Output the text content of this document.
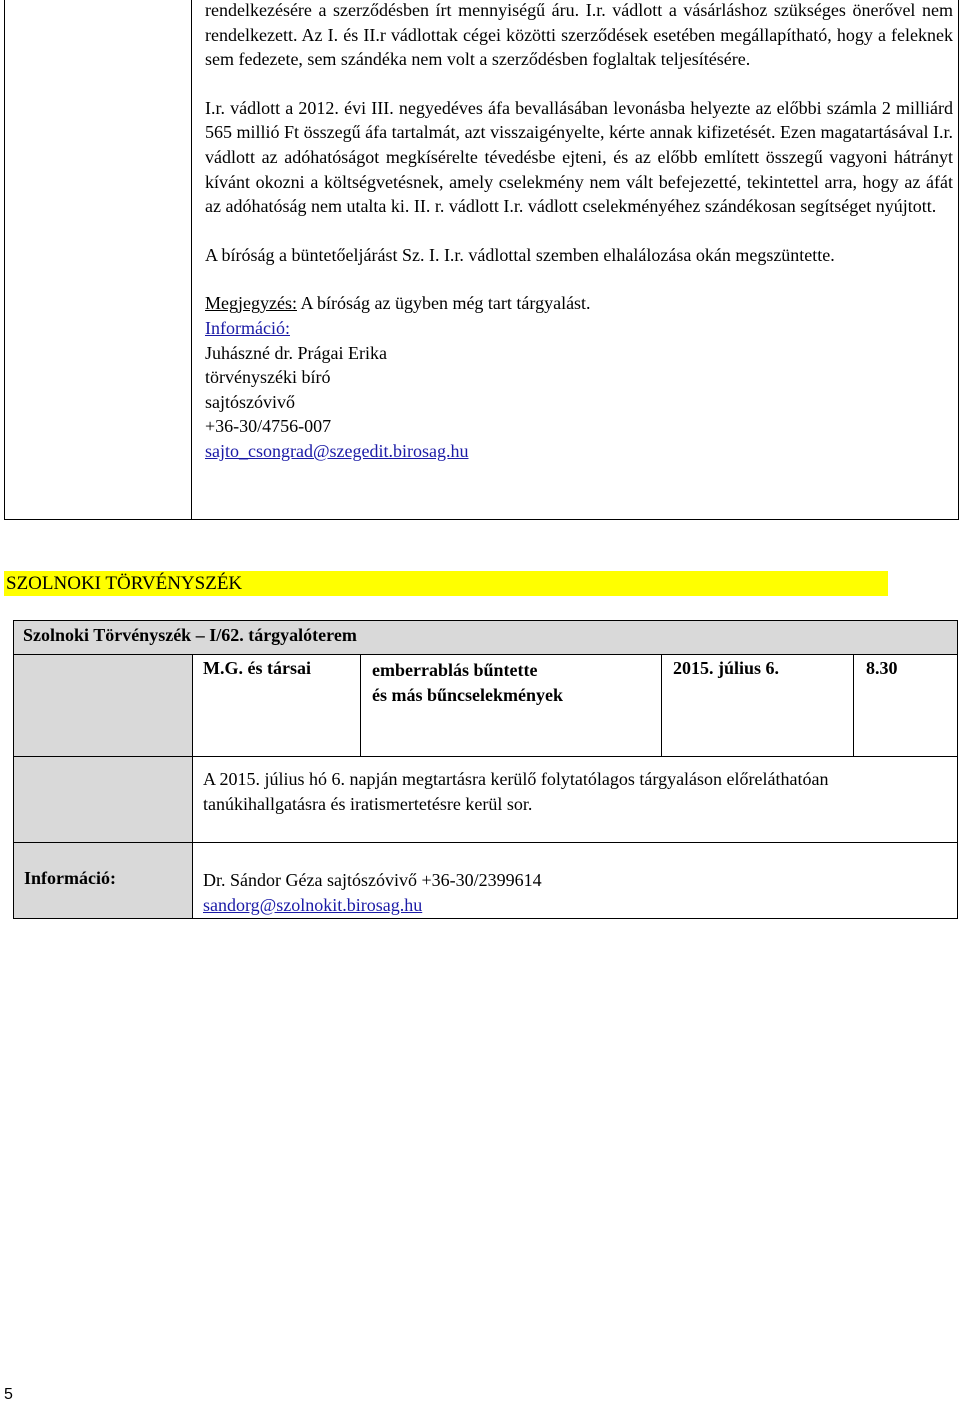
rendelkezésére a szerződésben írt mennyiségű áru. I.r. vádlott a vásárláshoz szükséges önerővel nem rendelkezett. Az I. és II.r vádlottak cégei közötti szerződések esetében megállapítható, hogy a feleknek sem fedezete, sem szándéka nem volt a szerződésben foglaltak teljesítésére.

I.r. vádlott a 2012. évi III. negyedéves áfa bevallásában levonásba helyezte az előbbi számla 2 milliárd 565 millió Ft összegű áfa tartalmát, azt visszaigényelte, kérte annak kifizetését. Ezen magatartásával I.r. vádlott az adóhatóságot megkísérelte tévedésbe ejteni, és az előbb említett összegű vagyoni hátrányt kívánt okozni a költségvetésnek, amely cselekmény nem vált befejezetté, tekintettel arra, hogy az áfát az adóhatóság nem utalta ki. II. r. vádlott I.r. vádlott cselekményéhez szándékosan segítséget nyújtott.

A bíróság a büntetőeljárást Sz. I. I.r. vádlottal szemben elhalálozása okán megszüntette.

Megjegyzés: A bíróság az ügyben még tart tárgyalást.

Információ:

Juhászné dr. Prágai Erika

törvényszéki bíró

sajtószóvivő

+36-30/4756-007

sajto_csongrad@szegedit.birosag.hu

SZOLNOKI TÖRVÉNYSZÉK
Szolnoki Törvényszék – I/62. tárgyalóterem
Információ:
M.G. és társai	emberrablás bűntette
és más bűncselekmények
2015. július 6.	8.30
A 2015. július hó 6. napján megtartásra kerülő folytatólagos tárgyaláson előreláthatóan tanúkihallgatásra és iratismertetésre kerül sor.
Dr. Sándor Géza sajtószóvivő +36-30/2399614
sandorg@szolnokit.birosag.hu
5
